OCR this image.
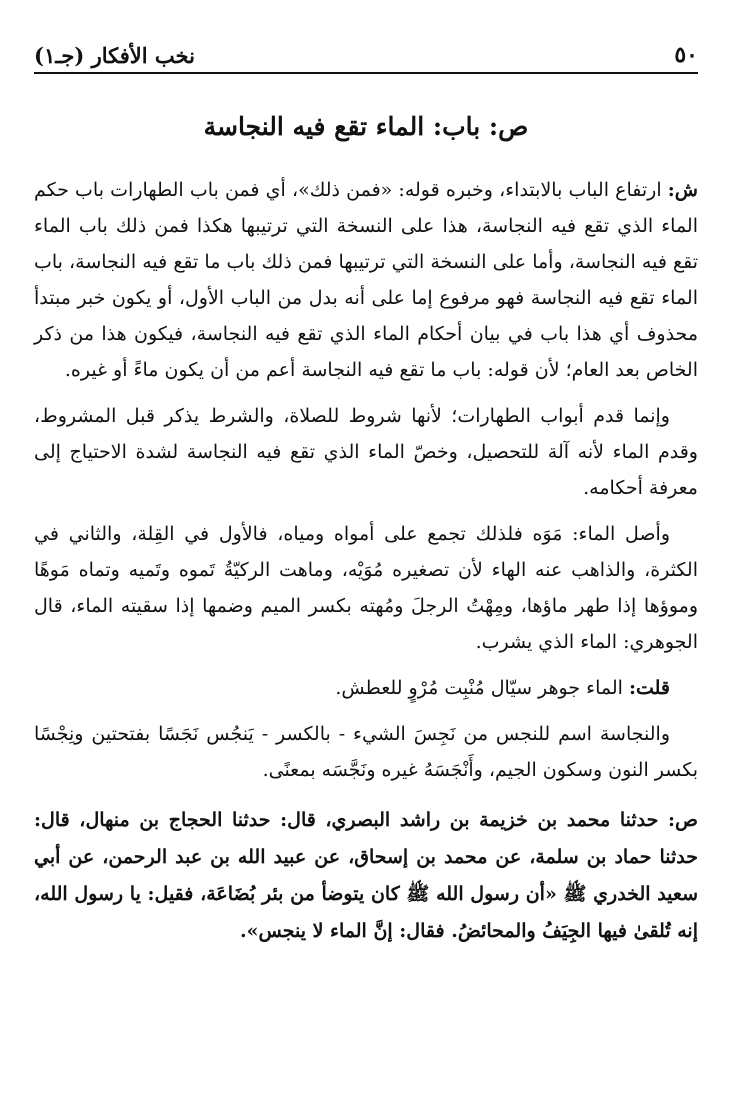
٥٠
نخب الأفكار (جـ١)
ص: باب: الماء تقع فيه النجاسة

ش: ارتفاع الباب بالابتداء، وخبره قوله: «فمن ذلك»، أي فمن باب الطهارات باب حكم الماء الذي تقع فيه النجاسة، هذا على النسخة التي ترتيبها هكذا فمن ذلك باب الماء تقع فيه النجاسة، وأما على النسخة التي ترتيبها فمن ذلك باب ما تقع فيه النجاسة، باب الماء تقع فيه النجاسة فهو مرفوع إما على أنه بدل من الباب الأول، أو يكون خبر مبتدأ محذوف أي هذا باب في بيان أحكام الماء الذي تقع فيه النجاسة، فيكون هذا من ذكر الخاص بعد العام؛ لأن قوله: باب ما تقع فيه النجاسة أعم من أن يكون ماءً أو غيره.

وإنما قدم أبواب الطهارات؛ لأنها شروط للصلاة، والشرط يذكر قبل المشروط، وقدم الماء لأنه آلة للتحصيل، وخصّ الماء الذي تقع فيه النجاسة لشدة الاحتياج إلى معرفة أحكامه.

وأصل الماء: مَوَه فلذلك تجمع على أمواه ومياه، فالأول في القِلة، والثاني في الكثرة، والذاهب عنه الهاء لأن تصغيره مُوَيْه، وماهت الركيّةُ تَموه وتَميه وتماه مَوهًا وموؤها إذا طهر ماؤها، ومِهْتُ الرجلَ ومُهته بكسر الميم وضمها إذا سقيته الماء، قال الجوهري: الماء الذي يشرب.

قلت: الماء جوهر سيّال مُنْبِت مُرْوٍ للعطش.

والنجاسة اسم للنجس من نَجِسَ الشيء - بالكسر - يَنجُس نَجَسًا بفتحتين ونِجْسًا بكسر النون وسكون الجيم، وأَنْجَسَهُ غيره ونَجَّسَه بمعنًى.

ص: حدثنا محمد بن خزيمة بن راشد البصري، قال: حدثنا الحجاج بن منهال، قال: حدثنا حماد بن سلمة، عن محمد بن إسحاق، عن عبيد الله بن عبد الرحمن، عن أبي سعيد الخدري ﷺ «أن رسول الله ﷺ كان يتوضأ من بئر بُضَاعَة، فقيل: يا رسول الله، إنه تُلقىٰ فيها الجِيَفُ والمحائضُ. فقال: إنَّ الماء لا ينجس».
